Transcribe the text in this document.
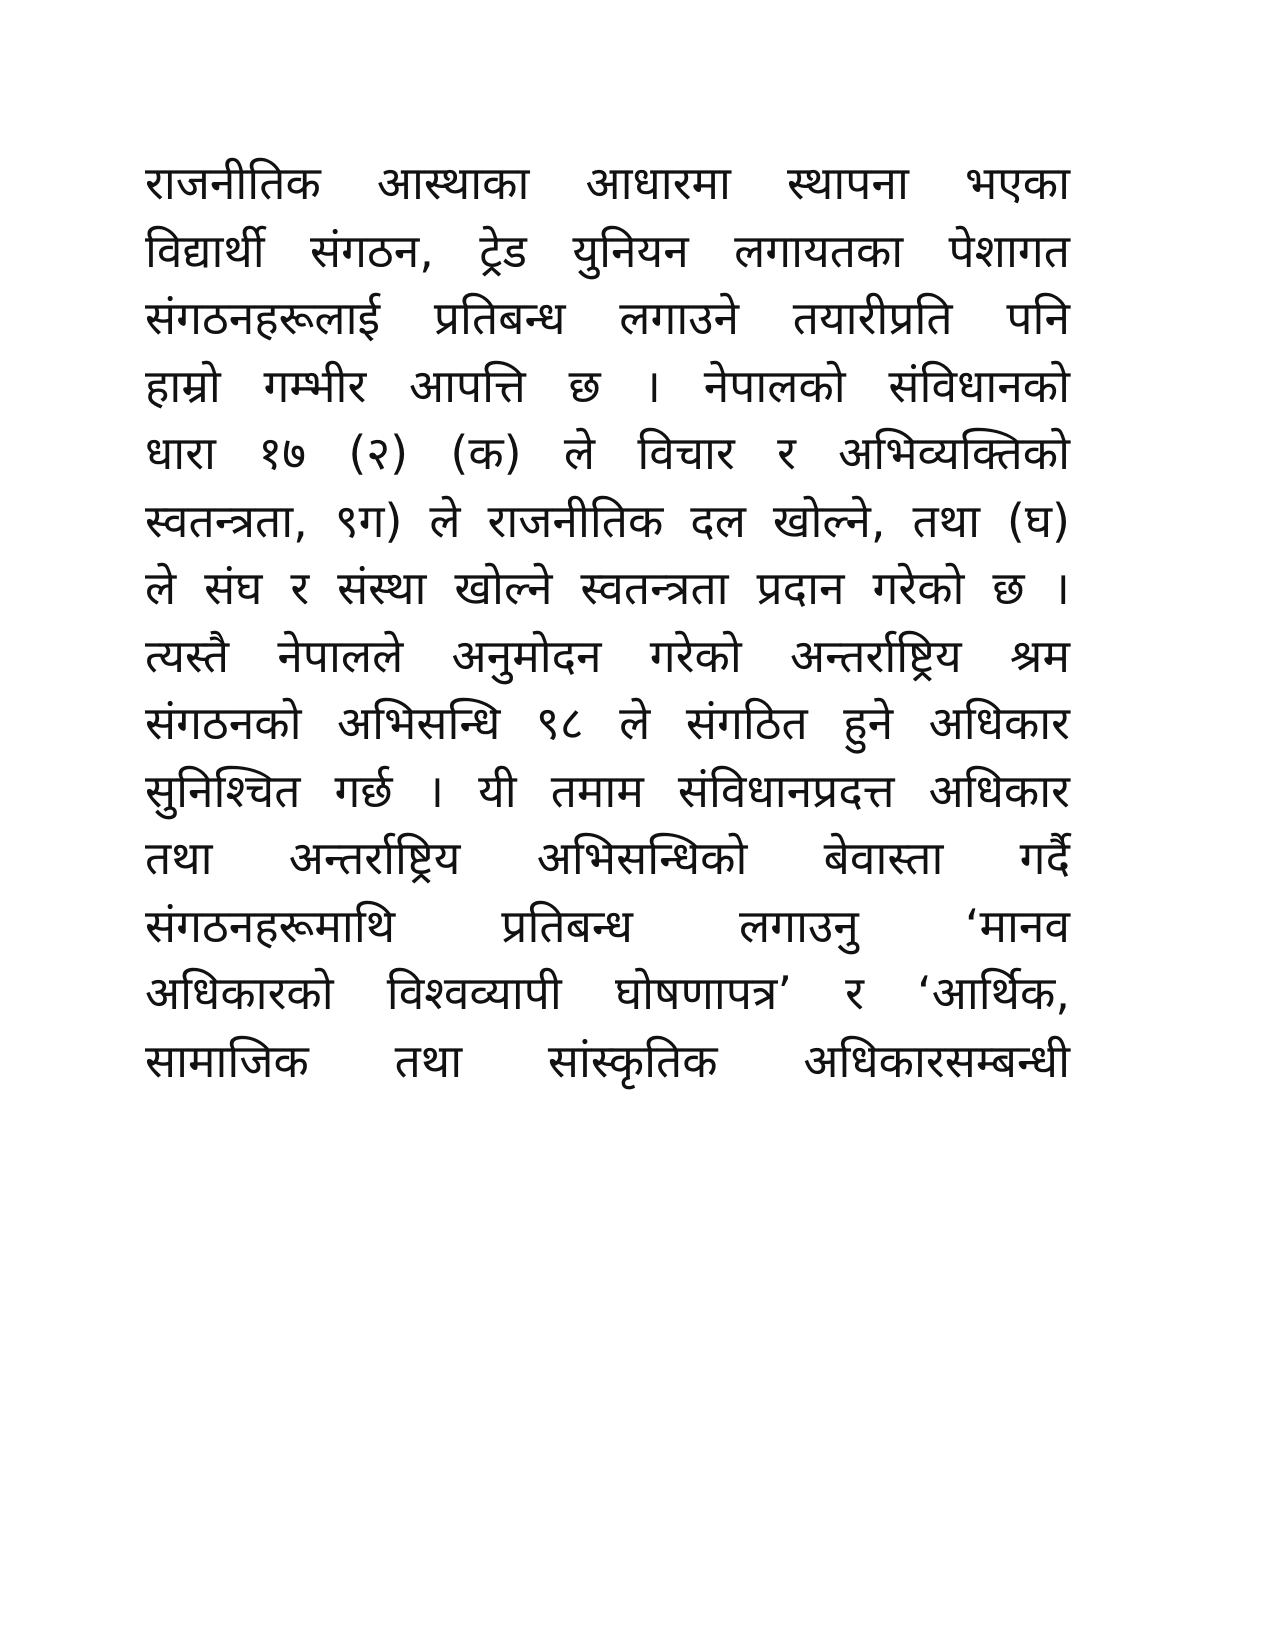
राजनीतिक आस्थाका आधारमा स्थापना भएका
विद्यार्थी संगठन, ट्रेड युनियन लगायतका पेशागत
संगठनहरूलाई प्रतिबन्ध लगाउने तयारीप्रति पनि
हाम्रो गम्भीर आपत्ति छ । नेपालको संविधानको
धारा १७ (२) (क) ले विचार र अभिव्यक्तिको
स्वतन्त्रता, ९ग) ले राजनीतिक दल खोल्ने, तथा (घ)
ले संघ र संस्था खोल्ने स्वतन्त्रता प्रदान गरेको छ ।
त्यस्तै नेपालले अनुमोदन गरेको अन्तर्राष्ट्रिय श्रम
संगठनको अभिसन्धि ९८ ले संगठित हुने अधिकार
सुनिश्चित गर्छ । यी तमाम संविधानप्रदत्त अधिकार
तथा अन्तर्राष्ट्रिय अभिसन्धिको बेवास्ता गर्दै
संगठनहरूमाथि प्रतिबन्ध लगाउनु ‘मानव
अधिकारको विश्वव्यापी घोषणापत्र’ र ‘आर्थिक,
सामाजिक तथा सांस्कृतिक अधिकारसम्बन्धी
